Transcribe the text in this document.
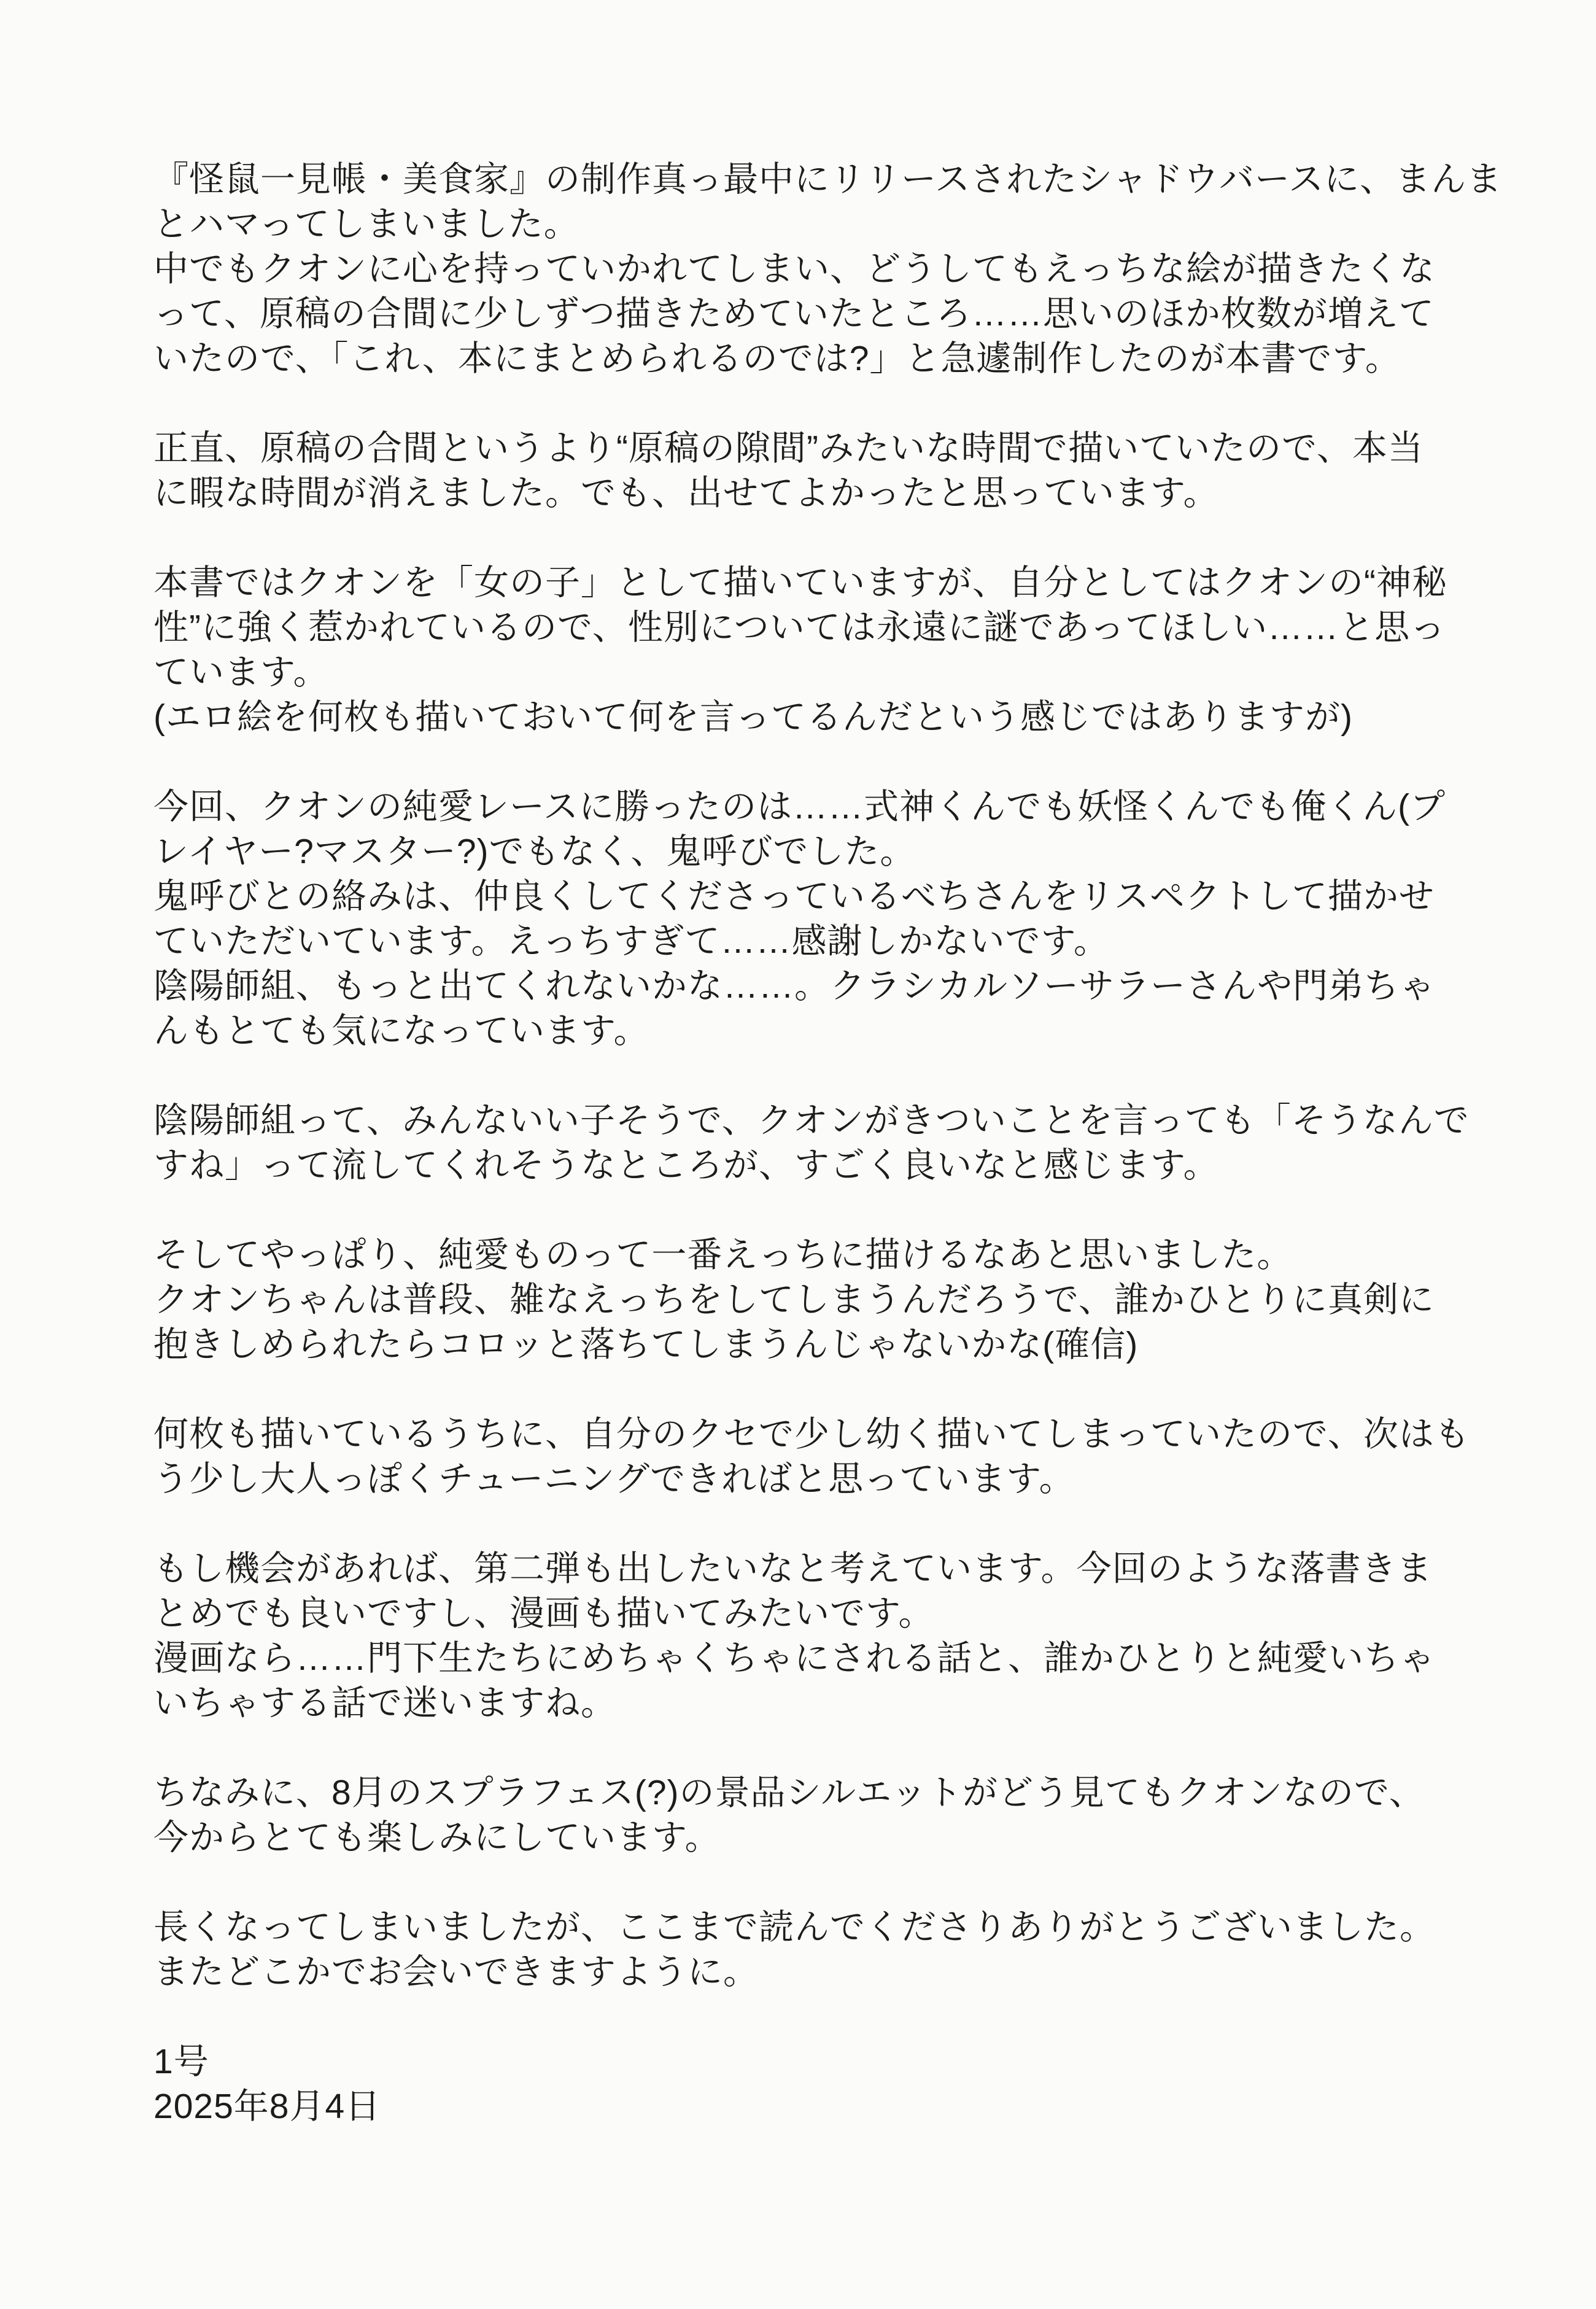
『怪鼠一見帳・美食家』の制作真っ最中にリリースされたシャドウバースに、まんま
とハマってしまいました。
中でもクオンに心を持っていかれてしまい、どうしてもえっちな絵が描きたくな
って、原稿の合間に少しずつ描きためていたところ……思いのほか枚数が増えて
いたので、「これ、本にまとめられるのでは?」と急遽制作したのが本書です。
正直、原稿の合間というより“原稿の隙間”みたいな時間で描いていたので、本当
に暇な時間が消えました。でも、出せてよかったと思っています。
本書ではクオンを「女の子」として描いていますが、自分としてはクオンの“神秘
性”に強く惹かれているので、性別については永遠に謎であってほしい……と思っ
ています。
(エロ絵を何枚も描いておいて何を言ってるんだという感じではありますが)
今回、クオンの純愛レースに勝ったのは……式神くんでも妖怪くんでも俺くん(プ
レイヤー?マスター?)でもなく、鬼呼びでした。
鬼呼びとの絡みは、仲良くしてくださっているべちさんをリスペクトして描かせ
ていただいています。えっちすぎて……感謝しかないです。
陰陽師組、もっと出てくれないかな……。クラシカルソーサラーさんや門弟ちゃ
んもとても気になっています。
陰陽師組って、みんないい子そうで、クオンがきついことを言っても「そうなんで
すね」って流してくれそうなところが、すごく良いなと感じます。
そしてやっぱり、純愛ものって一番えっちに描けるなあと思いました。
クオンちゃんは普段、雑なえっちをしてしまうんだろうで、誰かひとりに真剣に
抱きしめられたらコロッと落ちてしまうんじゃないかな(確信)
何枚も描いているうちに、自分のクセで少し幼く描いてしまっていたので、次はも
う少し大人っぽくチューニングできればと思っています。
もし機会があれば、第二弾も出したいなと考えています。今回のような落書きま
とめでも良いですし、漫画も描いてみたいです。
漫画なら……門下生たちにめちゃくちゃにされる話と、誰かひとりと純愛いちゃ
いちゃする話で迷いますね。
ちなみに、8月のスプラフェス(?)の景品シルエットがどう見てもクオンなので、
今からとても楽しみにしています。
長くなってしまいましたが、ここまで読んでくださりありがとうございました。
またどこかでお会いできますように。
1号
2025年8月4日
